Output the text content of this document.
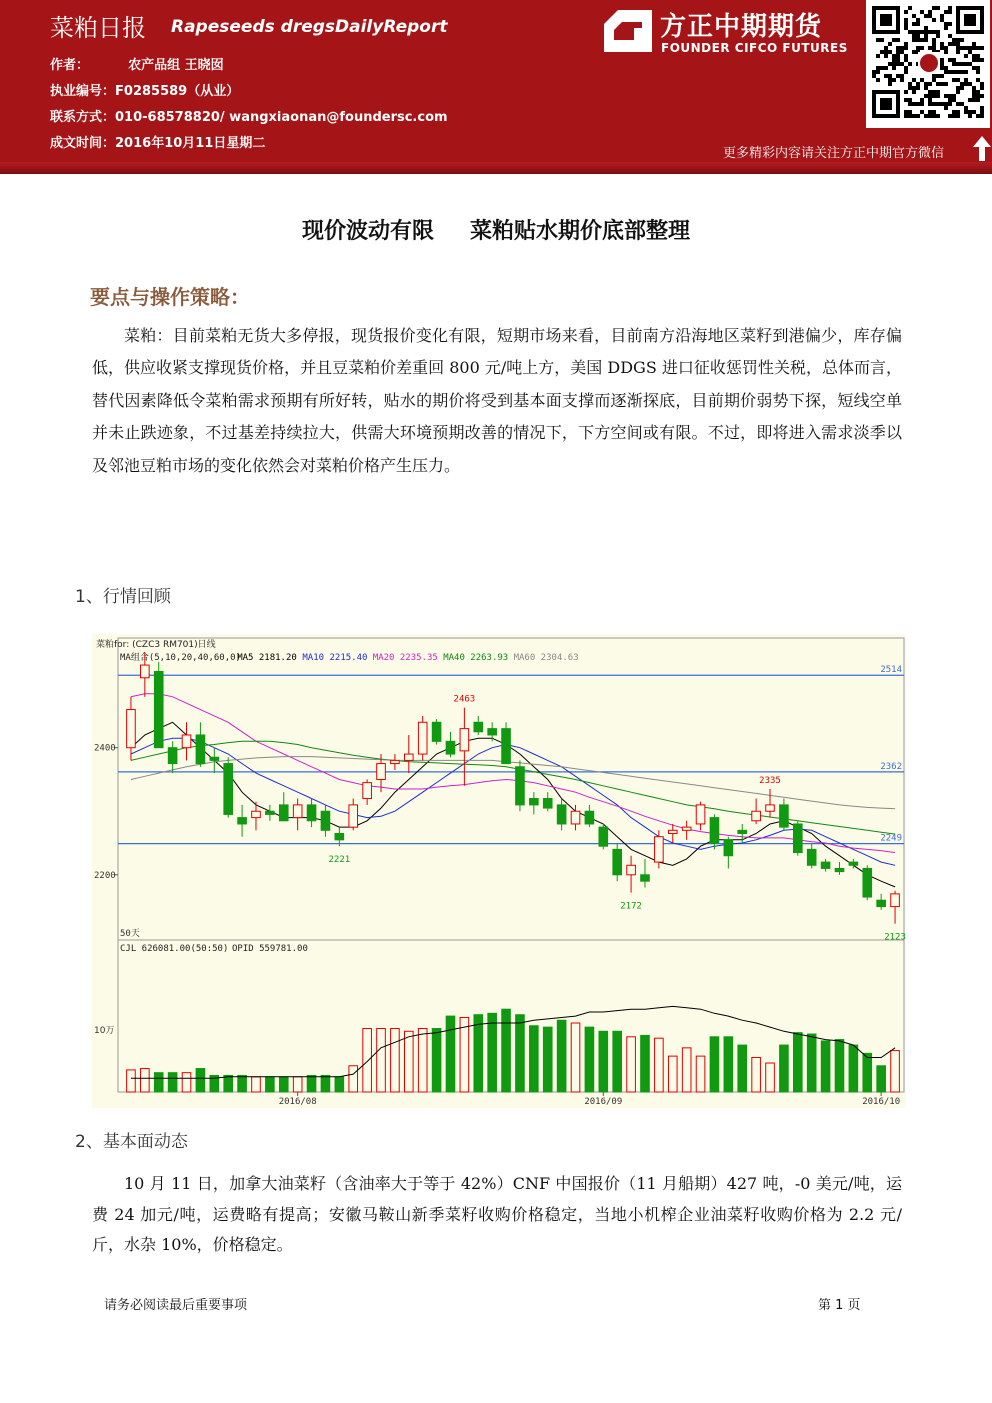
菜粕日报 Rapeseeds dregsDailyReport
作者：	农产品组 王晓囡
执业编号：F0285589（从业）
联系方式：010-68578820/ wangxiaonan@foundersc.com
成文时间：2016年10月11日星期二
方正中期期货
FOUNDER CIFCO FUTURES
更多精彩内容请关注方正中期官方微信
现价波动有限 菜粕贴水期价底部整理
要点与操作策略：
菜粕：目前菜粕无货大多停报，现货报价变化有限，短期市场来看，目前南方沿海地区菜籽到港偏少，库存偏低，供应收紧支撑现货价格，并且豆菜粕价差重回 800 元/吨上方，美国 DDGS 进口征收惩罚性关税，总体而言，替代因素降低令菜粕需求预期有所好转，贴水的期价将受到基本面支撑而逐渐探底，目前期价弱势下探，短线空单并未止跌迹象，不过基差持续拉大，供需大环境预期改善的情况下，下方空间或有限。不过，即将进入需求淡季以及邻池豆粕市场的变化依然会对菜粕价格产生压力。
1、行情回顾
2514
2362
2249
2400
2200
2463
2335
2221
2172
2123
菜粕for: (CZC3 RM701)日线
MA组合(5,10,20,40,60,0)
MA5 2181.20 MA10 2215.40 MA20 2235.35 MA40 2263.93 MA60 2304.63
50天
CJL 626081.00(50:50) OPID 559781.00
10万
2016/08	2016/09	2016/10
2、基本面动态
10 月 11 日，加拿大油菜籽（含油率大于等于 42%）CNF 中国报价（11 月船期）427 吨，-0 美元/吨，运费 24 加元/吨，运费略有提高；安徽马鞍山新季菜籽收购价格稳定，当地小机榨企业油菜籽收购价格为 2.2 元/斤，水杂 10%，价格稳定。
请务必阅读最后重要事项	第 1 页
